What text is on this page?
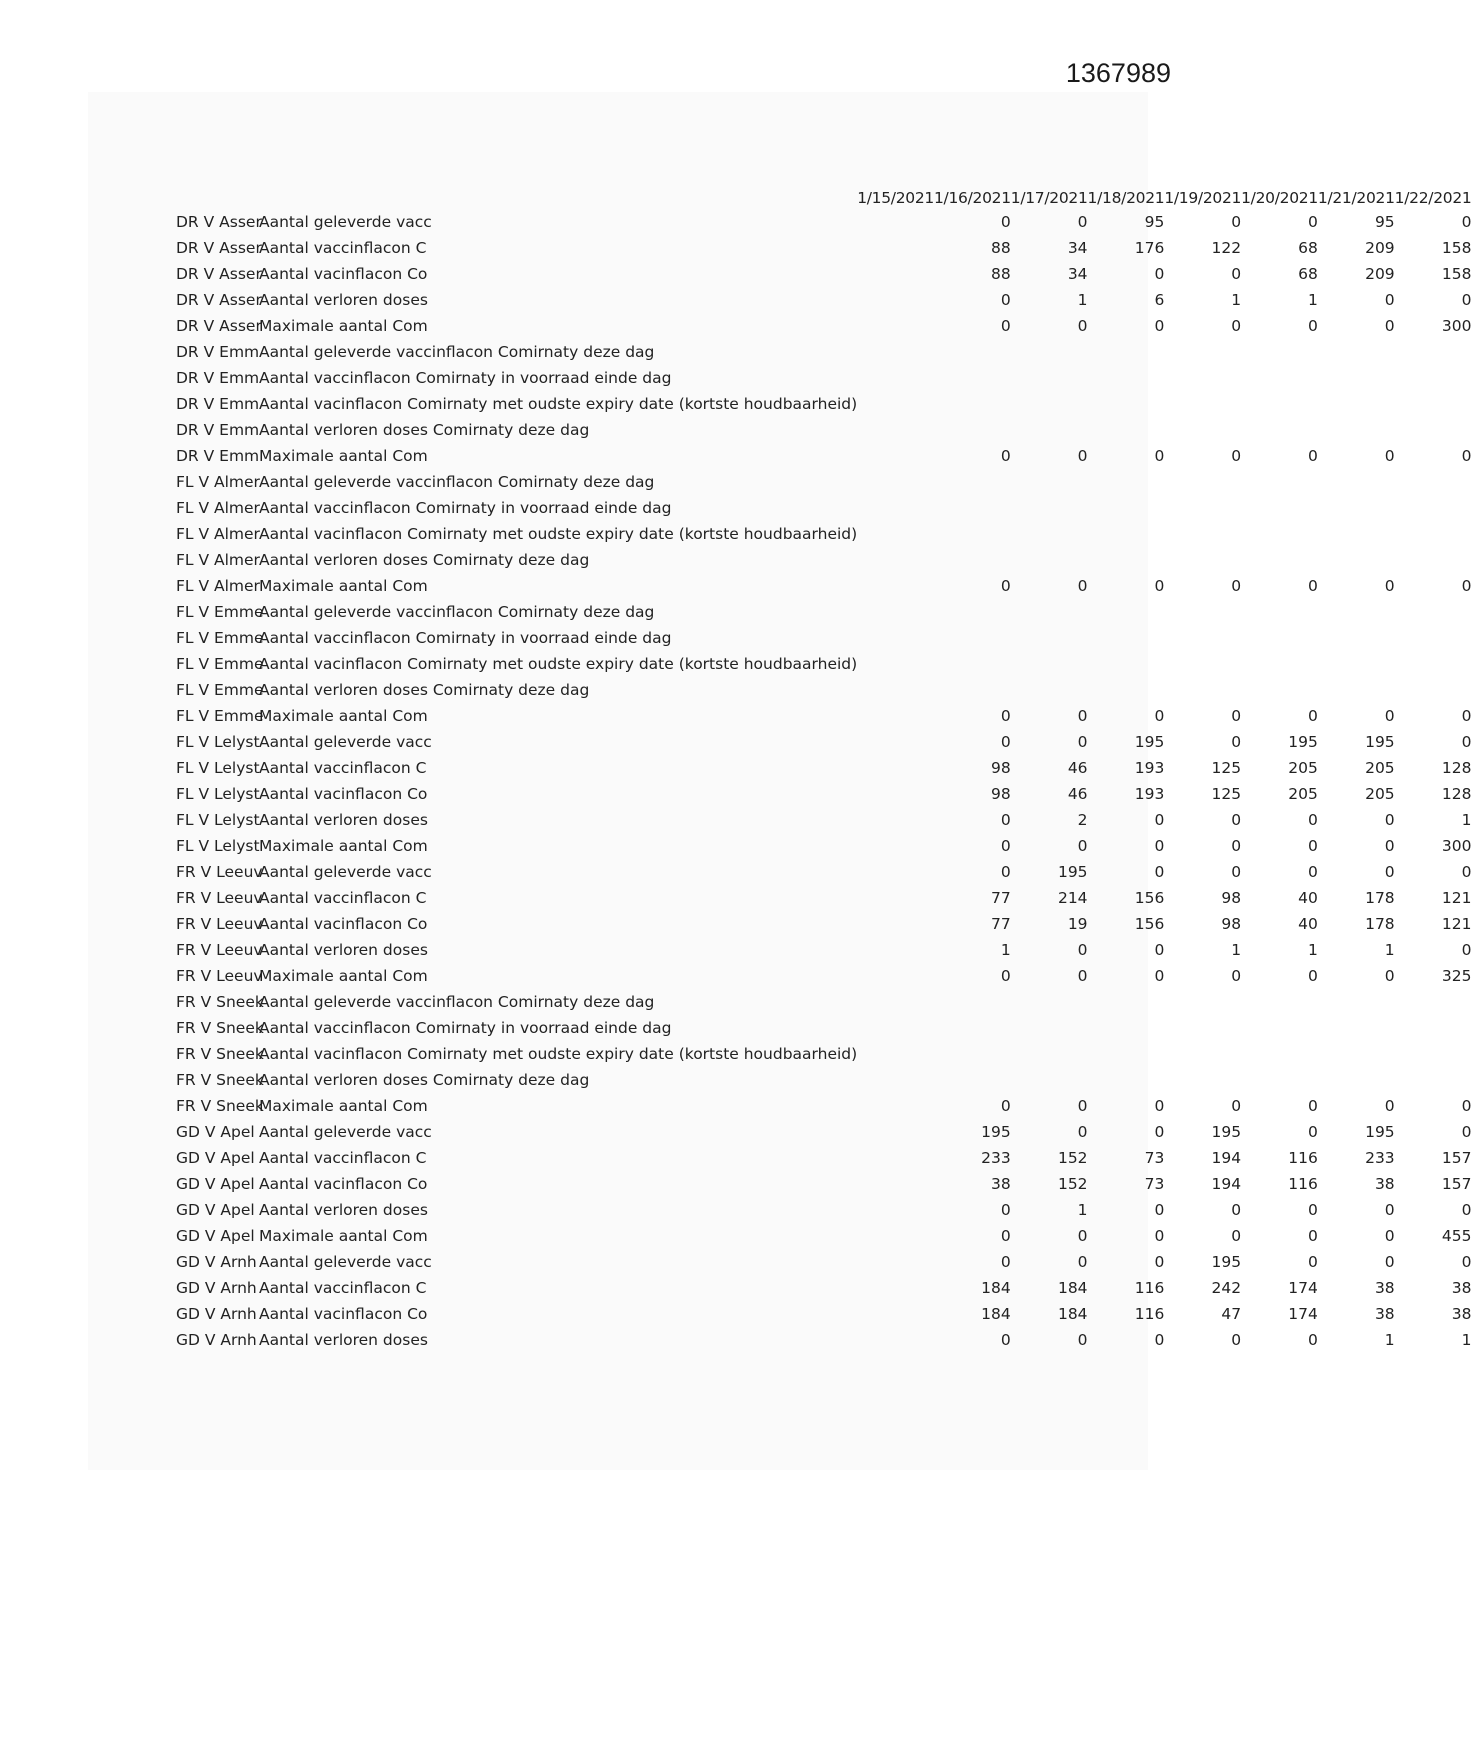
1367989
		1/15/2021	1/16/2021	1/17/2021	1/18/2021	1/19/2021	1/20/2021	1/21/2021	1/22/2021
DR V Asser	Aantal geleverde vacc		0	0	95	0	0	95	0
DR V Asser	Aantal vaccinflacon C		88	34	176	122	68	209	158
DR V Asser	Aantal vacinflacon Co		88	34	0	0	68	209	158
DR V Asser	Aantal verloren doses		0	1	6	1	1	0	0
DR V Asser	Maximale aantal Com		0	0	0	0	0	0	300
DR V Emm	Aantal geleverde vaccinflacon Comirnaty deze dag								
DR V Emm	Aantal vaccinflacon Comirnaty in voorraad einde dag								
DR V Emm	Aantal vacinflacon Comirnaty met oudste expiry date (kortste houdbaarheid)								
DR V Emm	Aantal verloren doses Comirnaty deze dag								
DR V Emm	Maximale aantal Com		0	0	0	0	0	0	0
FL V Almer	Aantal geleverde vaccinflacon Comirnaty deze dag								
FL V Almer	Aantal vaccinflacon Comirnaty in voorraad einde dag								
FL V Almer	Aantal vacinflacon Comirnaty met oudste expiry date (kortste houdbaarheid)								
FL V Almer	Aantal verloren doses Comirnaty deze dag								
FL V Almer	Maximale aantal Com		0	0	0	0	0	0	0
FL V Emme	Aantal geleverde vaccinflacon Comirnaty deze dag								
FL V Emme	Aantal vaccinflacon Comirnaty in voorraad einde dag								
FL V Emme	Aantal vacinflacon Comirnaty met oudste expiry date (kortste houdbaarheid)								
FL V Emme	Aantal verloren doses Comirnaty deze dag								
FL V Emme	Maximale aantal Com		0	0	0	0	0	0	0
FL V Lelyst	Aantal geleverde vacc		0	0	195	0	195	195	0
FL V Lelyst	Aantal vaccinflacon C		98	46	193	125	205	205	128
FL V Lelyst	Aantal vacinflacon Co		98	46	193	125	205	205	128
FL V Lelyst	Aantal verloren doses		0	2	0	0	0	0	1
FL V Lelyst	Maximale aantal Com		0	0	0	0	0	0	300
FR V Leeuv	Aantal geleverde vacc		0	195	0	0	0	0	0
FR V Leeuv	Aantal vaccinflacon C		77	214	156	98	40	178	121
FR V Leeuv	Aantal vacinflacon Co		77	19	156	98	40	178	121
FR V Leeuv	Aantal verloren doses		1	0	0	1	1	1	0
FR V Leeuv	Maximale aantal Com		0	0	0	0	0	0	325
FR V Sneek	Aantal geleverde vaccinflacon Comirnaty deze dag								
FR V Sneek	Aantal vaccinflacon Comirnaty in voorraad einde dag								
FR V Sneek	Aantal vacinflacon Comirnaty met oudste expiry date (kortste houdbaarheid)								
FR V Sneek	Aantal verloren doses Comirnaty deze dag								
FR V Sneek	Maximale aantal Com		0	0	0	0	0	0	0
GD V Apel	Aantal geleverde vacc		195	0	0	195	0	195	0
GD V Apel	Aantal vaccinflacon C		233	152	73	194	116	233	157
GD V Apel	Aantal vacinflacon Co		38	152	73	194	116	38	157
GD V Apel	Aantal verloren doses		0	1	0	0	0	0	0
GD V Apel	Maximale aantal Com		0	0	0	0	0	0	455
GD V Arnh	Aantal geleverde vacc		0	0	0	195	0	0	0
GD V Arnh	Aantal vaccinflacon C		184	184	116	242	174	38	38
GD V Arnh	Aantal vacinflacon Co		184	184	116	47	174	38	38
GD V Arnh	Aantal verloren doses		0	0	0	0	0	1	1
